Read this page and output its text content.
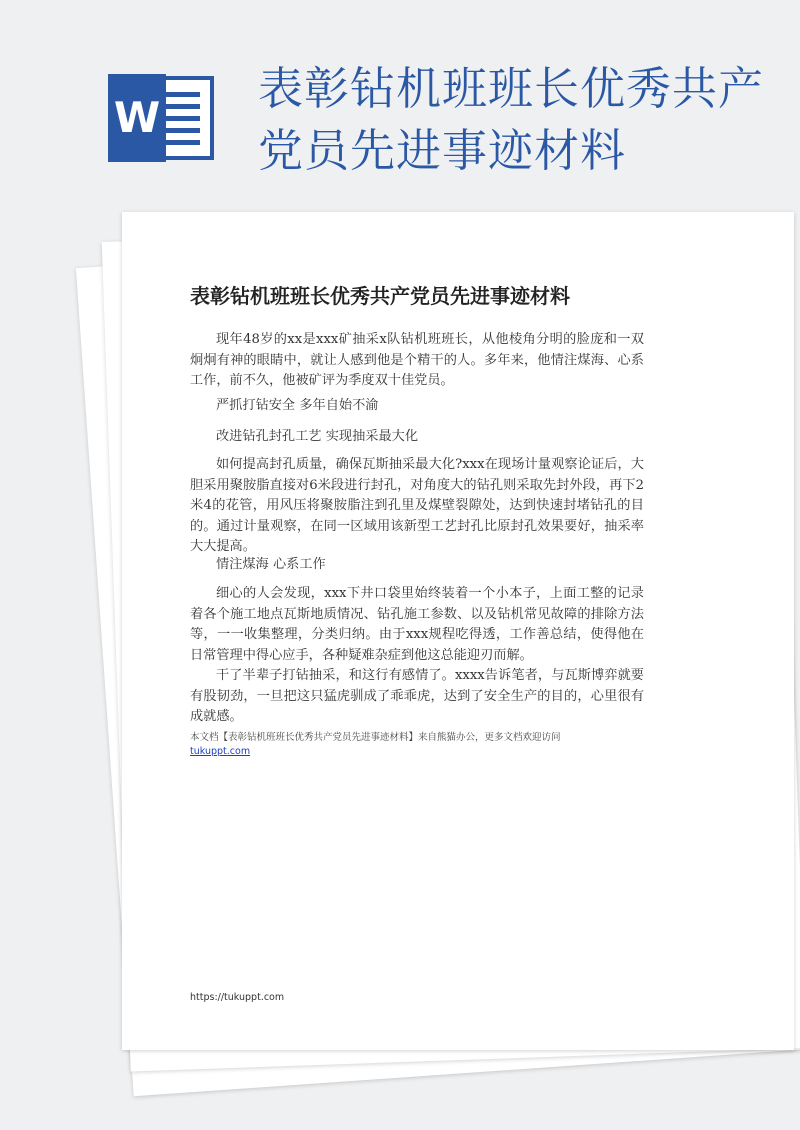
W
表彰钻机班班长优秀共产党员先进事迹材料
表彰钻机班班长优秀共产党员先进事迹材料
现年48岁的xx是xxx矿抽采x队钻机班班长，从他棱角分明的脸庞和一双炯炯有神的眼睛中，就让人感到他是个精干的人。多年来，他情注煤海、心系工作，前不久，他被矿评为季度双十佳党员。
严抓打钻安全 多年自始不渝
改进钻孔封孔工艺 实现抽采最大化
如何提高封孔质量，确保瓦斯抽采最大化?xxx在现场计量观察论证后，大胆采用聚胺脂直接对6米段进行封孔，对角度大的钻孔则采取先封外段，再下2米4的花管，用风压将聚胺脂注到孔里及煤壁裂隙处，达到快速封堵钻孔的目的。通过计量观察，在同一区域用该新型工艺封孔比原封孔效果要好，抽采率大大提高。
情注煤海 心系工作
细心的人会发现，xxx下井口袋里始终装着一个小本子，上面工整的记录着各个施工地点瓦斯地质情况、钻孔施工参数、以及钻机常见故障的排除方法等，一一收集整理，分类归纳。由于xxx规程吃得透，工作善总结，使得他在日常管理中得心应手，各种疑难杂症到他这总能迎刃而解。
干了半辈子打钻抽采，和这行有感情了。xxxx告诉笔者，与瓦斯博弈就要有股韧劲，一旦把这只猛虎驯成了乖乖虎，达到了安全生产的目的，心里很有成就感。
本文档【表彰钻机班班长优秀共产党员先进事迹材料】来自熊猫办公，更多文档欢迎访问
tukuppt.com
https://tukuppt.com
